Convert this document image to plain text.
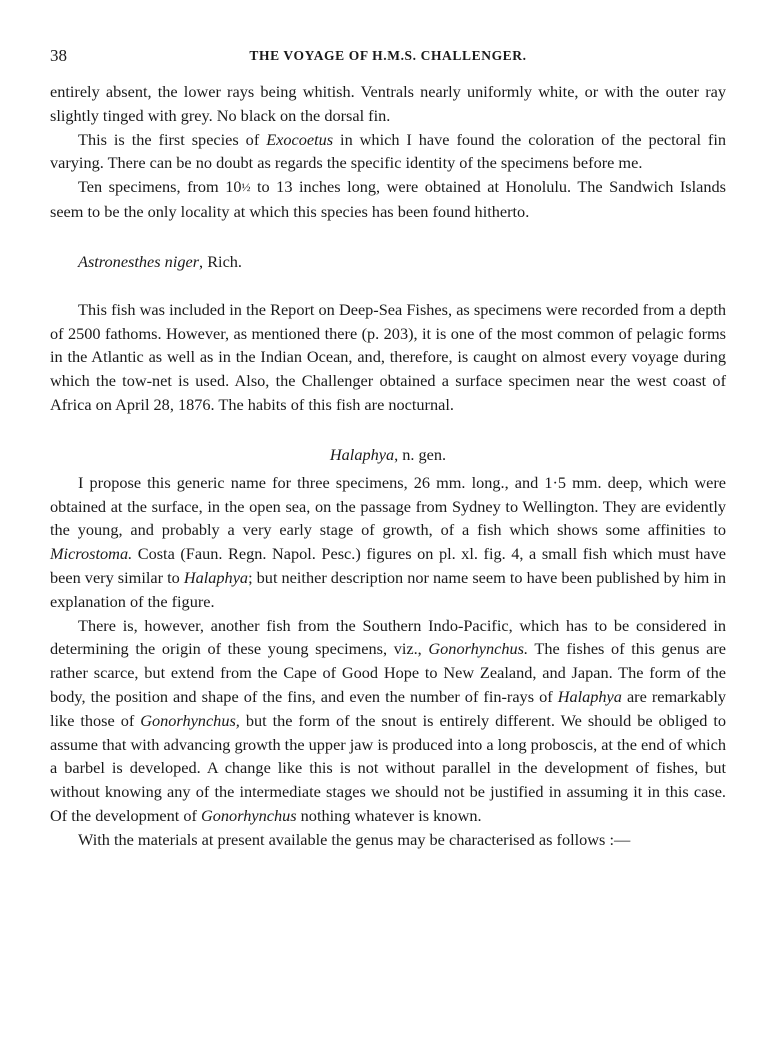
38	THE VOYAGE OF H.M.S. CHALLENGER.

entirely absent, the lower rays being whitish. Ventrals nearly uniformly white, or with the outer ray slightly tinged with grey. No black on the dorsal fin.

This is the first species of Exocoetus in which I have found the coloration of the pectoral fin varying. There can be no doubt as regards the specific identity of the specimens before me.

Ten specimens, from 10½ to 13 inches long, were obtained at Honolulu. The Sandwich Islands seem to be the only locality at which this species has been found hitherto.

Astronesthes niger, Rich.

This fish was included in the Report on Deep-Sea Fishes, as specimens were recorded from a depth of 2500 fathoms. However, as mentioned there (p. 203), it is one of the most common of pelagic forms in the Atlantic as well as in the Indian Ocean, and, therefore, is caught on almost every voyage during which the tow-net is used. Also, the Challenger obtained a surface specimen near the west coast of Africa on April 28, 1876. The habits of this fish are nocturnal.

Halaphya, n. gen.

I propose this generic name for three specimens, 26 mm. long., and 1·5 mm. deep, which were obtained at the surface, in the open sea, on the passage from Sydney to Wellington. They are evidently the young, and probably a very early stage of growth, of a fish which shows some affinities to Microstoma. Costa (Faun. Regn. Napol. Pesc.) figures on pl. xl. fig. 4, a small fish which must have been very similar to Halaphya; but neither description nor name seem to have been published by him in explanation of the figure.

There is, however, another fish from the Southern Indo-Pacific, which has to be considered in determining the origin of these young specimens, viz., Gonorhynchus. The fishes of this genus are rather scarce, but extend from the Cape of Good Hope to New Zealand, and Japan. The form of the body, the position and shape of the fins, and even the number of fin-rays of Halaphya are remarkably like those of Gonorhynchus, but the form of the snout is entirely different. We should be obliged to assume that with advancing growth the upper jaw is produced into a long proboscis, at the end of which a barbel is developed. A change like this is not without parallel in the development of fishes, but without knowing any of the intermediate stages we should not be justified in assuming it in this case. Of the development of Gonorhynchus nothing whatever is known.

With the materials at present available the genus may be characterised as follows :—
